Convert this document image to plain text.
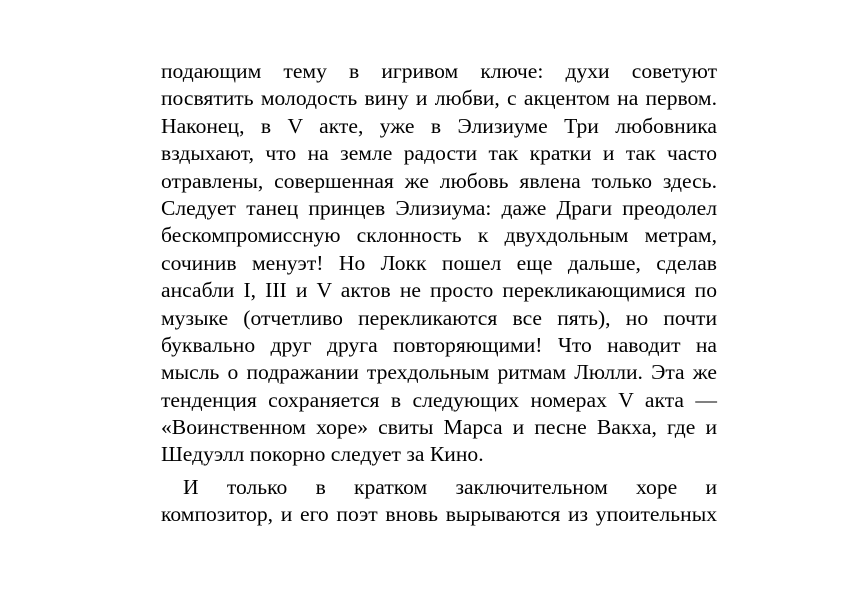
подающим тему в игривом ключе: духи советуют
посвятить молодость вину и любви, с акцентом на первом.
Наконец, в V акте, уже в Элизиуме Три любовника
вздыхают, что на земле радости так кратки и так часто
отравлены, совершенная же любовь явлена только здесь.
Следует танец принцев Элизиума: даже Драги преодолел
бескомпромиссную склонность к двухдольным метрам,
сочинив менуэт! Но Локк пошел еще дальше, сделав
ансабли I, III и V актов не просто перекликающимися по
музыке (отчетливо перекликаются все пять), но почти
буквально друг друга повторяющими! Что наводит на
мысль о подражании трехдольным ритмам Люлли. Эта же
тенденция сохраняется в следующих номерах V акта —
«Воинственном хоре» свиты Марса и песне Вакха, где и
Шедуэлл покорно следует за Кино.
И только в кратком заключительном хоре и
композитор, и его поэт вновь вырываются из упоительных
